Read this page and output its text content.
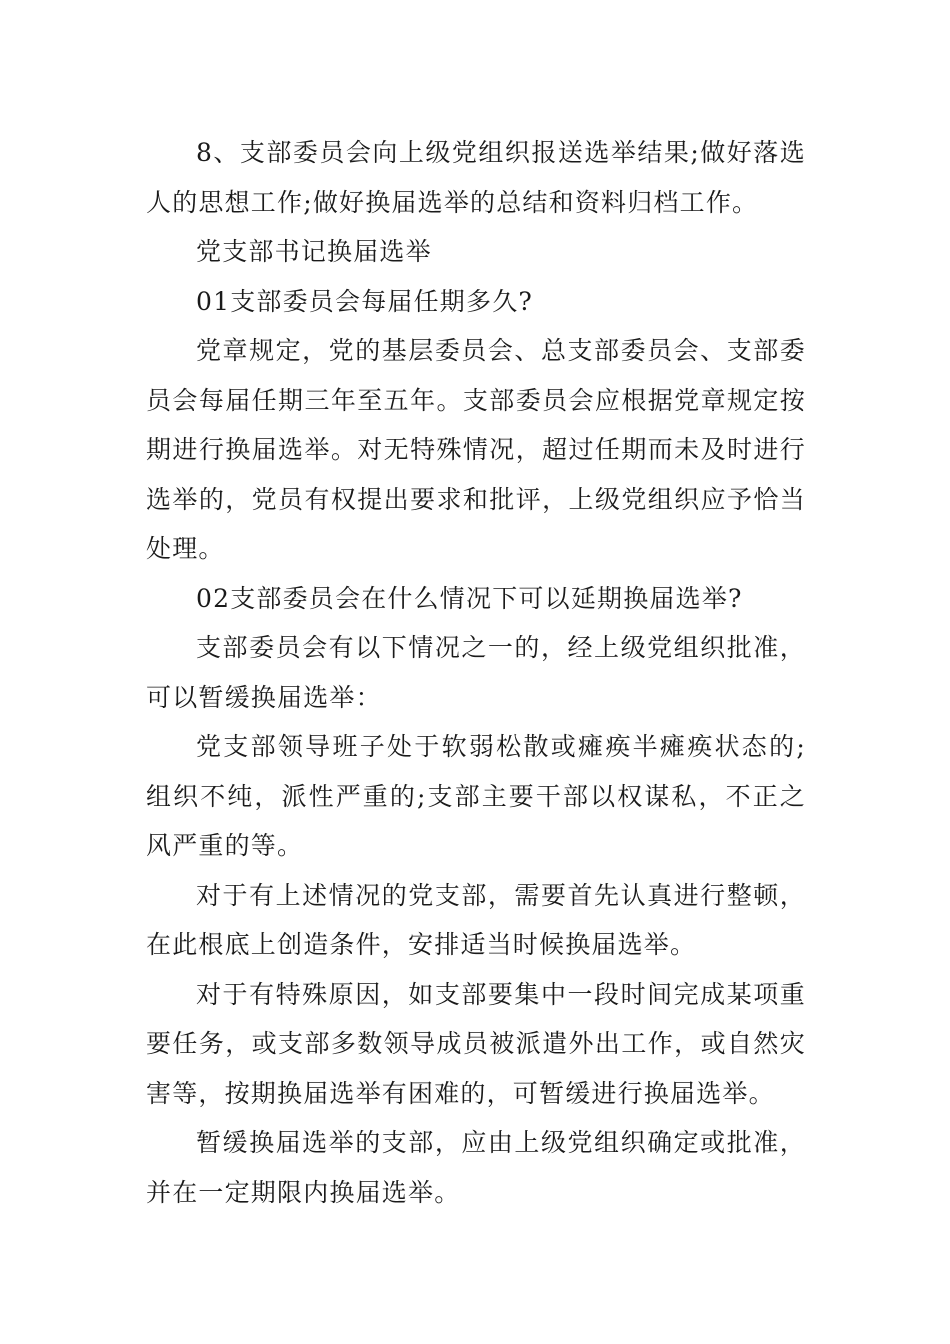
8、支部委员会向上级党组织报送选举结果;做好落选人的思想工作;做好换届选举的总结和资料归档工作。

党支部书记换届选举

01支部委员会每届任期多久?

党章规定，党的基层委员会、总支部委员会、支部委员会每届任期三年至五年。支部委员会应根据党章规定按期进行换届选举。对无特殊情况，超过任期而未及时进行选举的，党员有权提出要求和批评，上级党组织应予恰当处理。

02支部委员会在什么情况下可以延期换届选举?

支部委员会有以下情况之一的，经上级党组织批准，可以暂缓换届选举：

党支部领导班子处于软弱松散或瘫痪半瘫痪状态的;组织不纯，派性严重的;支部主要干部以权谋私，不正之风严重的等。

对于有上述情况的党支部，需要首先认真进行整顿，在此根底上创造条件，安排适当时候换届选举。

对于有特殊原因，如支部要集中一段时间完成某项重要任务，或支部多数领导成员被派遣外出工作，或自然灾害等，按期换届选举有困难的，可暂缓进行换届选举。

暂缓换届选举的支部，应由上级党组织确定或批准，并在一定期限内换届选举。
